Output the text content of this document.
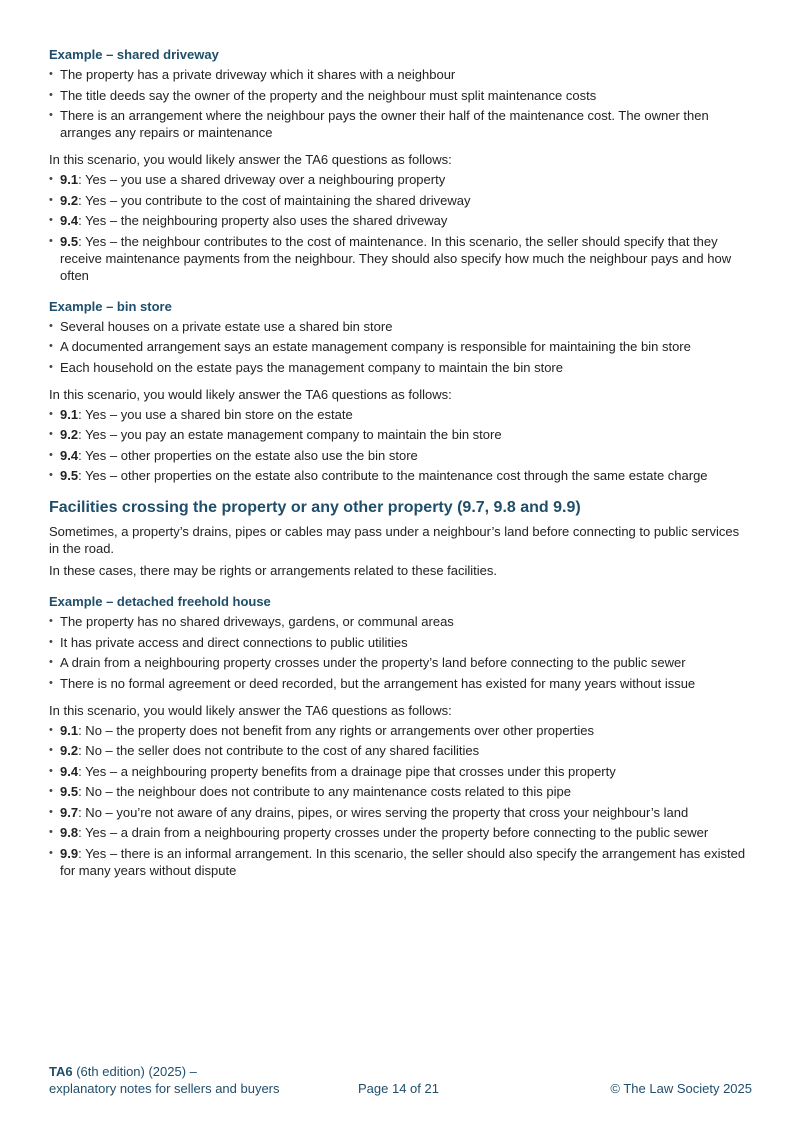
Example – shared driveway

• The property has a private driveway which it shares with a neighbour
• The title deeds say the owner of the property and the neighbour must split maintenance costs
• There is an arrangement where the neighbour pays the owner their half of the maintenance cost. The owner then arranges any repairs or maintenance

In this scenario, you would likely answer the TA6 questions as follows:

• 9.1: Yes – you use a shared driveway over a neighbouring property
• 9.2: Yes – you contribute to the cost of maintaining the shared driveway
• 9.4: Yes – the neighbouring property also uses the shared driveway
• 9.5: Yes – the neighbour contributes to the cost of maintenance. In this scenario, the seller should specify that they receive maintenance payments from the neighbour. They should also specify how much the neighbour pays and how often

Example – bin store

• Several houses on a private estate use a shared bin store
• A documented arrangement says an estate management company is responsible for maintaining the bin store
• Each household on the estate pays the management company to maintain the bin store

In this scenario, you would likely answer the TA6 questions as follows:

• 9.1: Yes – you use a shared bin store on the estate
• 9.2: Yes – you pay an estate management company to maintain the bin store
• 9.4: Yes – other properties on the estate also use the bin store
• 9.5: Yes – other properties on the estate also contribute to the maintenance cost through the same estate charge

Facilities crossing the property or any other property (9.7, 9.8 and 9.9)

Sometimes, a property’s drains, pipes or cables may pass under a neighbour’s land before connecting to public services in the road.

In these cases, there may be rights or arrangements related to these facilities.

Example – detached freehold house

• The property has no shared driveways, gardens, or communal areas
• It has private access and direct connections to public utilities
• A drain from a neighbouring property crosses under the property’s land before connecting to the public sewer
• There is no formal agreement or deed recorded, but the arrangement has existed for many years without issue

In this scenario, you would likely answer the TA6 questions as follows:

• 9.1: No – the property does not benefit from any rights or arrangements over other properties
• 9.2: No – the seller does not contribute to the cost of any shared facilities
• 9.4: Yes – a neighbouring property benefits from a drainage pipe that crosses under this property
• 9.5: No – the neighbour does not contribute to any maintenance costs related to this pipe
• 9.7: No – you’re not aware of any drains, pipes, or wires serving the property that cross your neighbour’s land
• 9.8: Yes – a drain from a neighbouring property crosses under the property before connecting to the public sewer
• 9.9: Yes – there is an informal arrangement. In this scenario, the seller should also specify the arrangement has existed for many years without dispute
TA6 (6th edition) (2025) –
explanatory notes for sellers and buyers	Page 14 of 21	© The Law Society 2025
